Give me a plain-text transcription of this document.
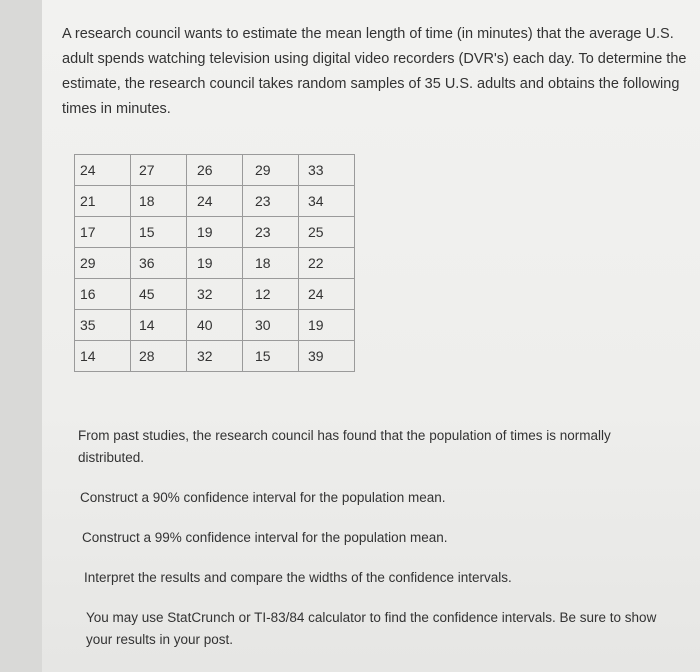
A research council wants to estimate the mean length of time (in minutes) that the average U.S. adult spends watching television using digital video recorders (DVR's) each day. To determine the estimate, the research council takes random samples of 35 U.S. adults and obtains the following times in minutes.

24	27	26	29	33
21	18	24	23	34
17	15	19	23	25
29	36	19	18	22
16	45	32	12	24
35	14	40	30	19
14	28	32	15	39

From past studies, the research council has found that the population of times is normally distributed.

Construct a 90% confidence interval for the population mean.

Construct a 99% confidence interval for the population mean.

Interpret the results and compare the widths of the confidence intervals.

You may use StatCrunch or TI-83/84 calculator to find the confidence intervals. Be sure to show your results in your post.
